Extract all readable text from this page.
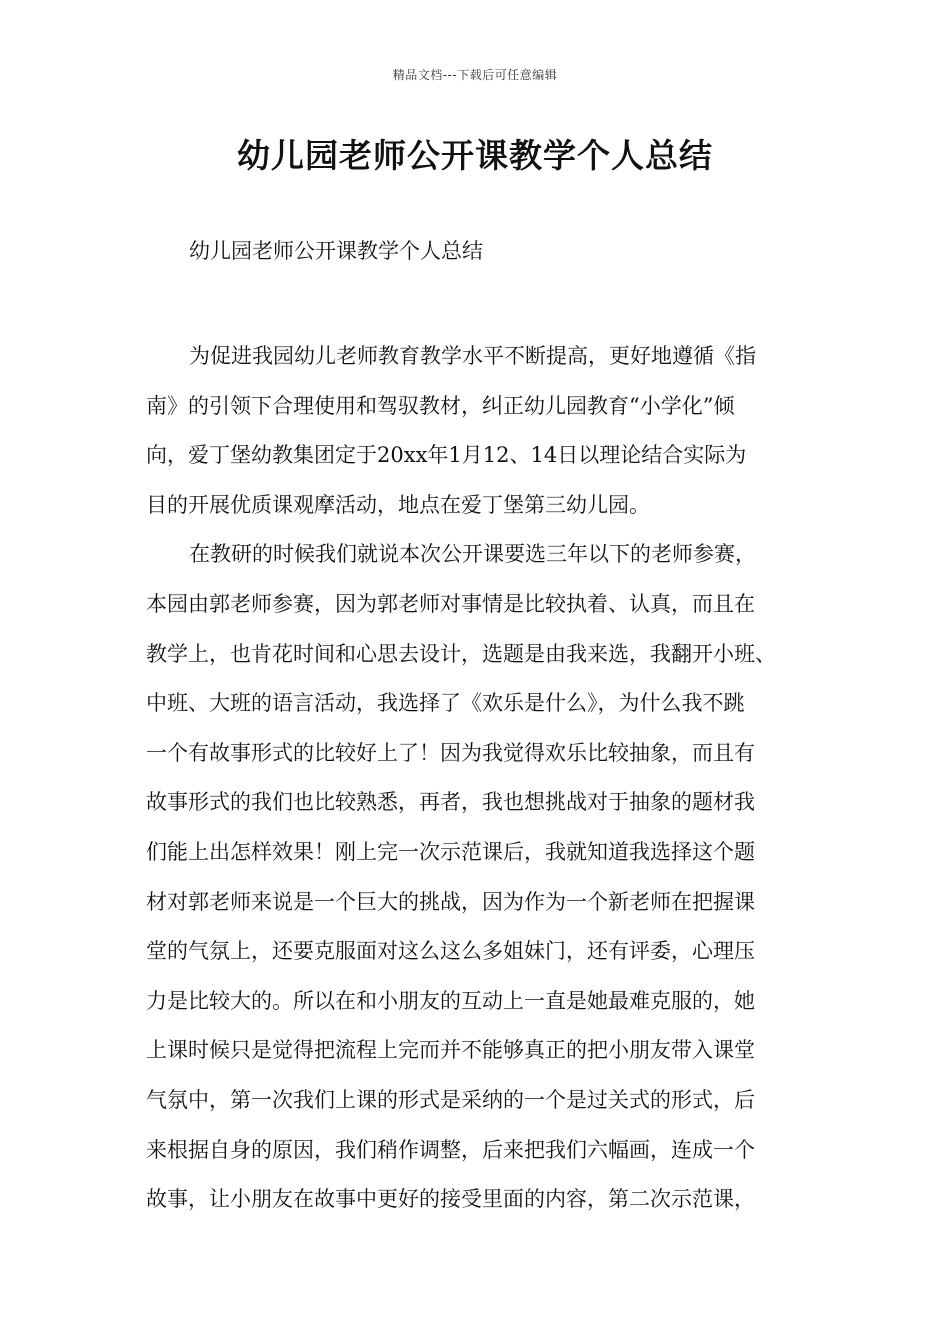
精品文档---下载后可任意编辑
幼儿园老师公开课教学个人总结
幼儿园老师公开课教学个人总结
为促进我园幼儿老师教育教学水平不断提高，更好地遵循《指
南》的引领下合理使用和驾驭教材，纠正幼儿园教育“小学化”倾
向，爱丁堡幼教集团定于20xx年1月12、14日以理论结合实际为
目的开展优质课观摩活动，地点在爱丁堡第三幼儿园。
在教研的时候我们就说本次公开课要选三年以下的老师参赛，
本园由郭老师参赛，因为郭老师对事情是比较执着、认真，而且在
教学上，也肯花时间和心思去设计，选题是由我来选，我翻开小班、
中班、大班的语言活动，我选择了《欢乐是什么》，为什么我不跳
一个有故事形式的比较好上了！因为我觉得欢乐比较抽象，而且有
故事形式的我们也比较熟悉，再者，我也想挑战对于抽象的题材我
们能上出怎样效果！刚上完一次示范课后，我就知道我选择这个题
材对郭老师来说是一个巨大的挑战，因为作为一个新老师在把握课
堂的气氛上，还要克服面对这么这么多姐妹门，还有评委，心理压
力是比较大的。所以在和小朋友的互动上一直是她最难克服的，她
上课时候只是觉得把流程上完而并不能够真正的把小朋友带入课堂
气氛中，第一次我们上课的形式是采纳的一个是过关式的形式，后
来根据自身的原因，我们稍作调整，后来把我们六幅画，连成一个
故事，让小朋友在故事中更好的接受里面的内容，第二次示范课，
